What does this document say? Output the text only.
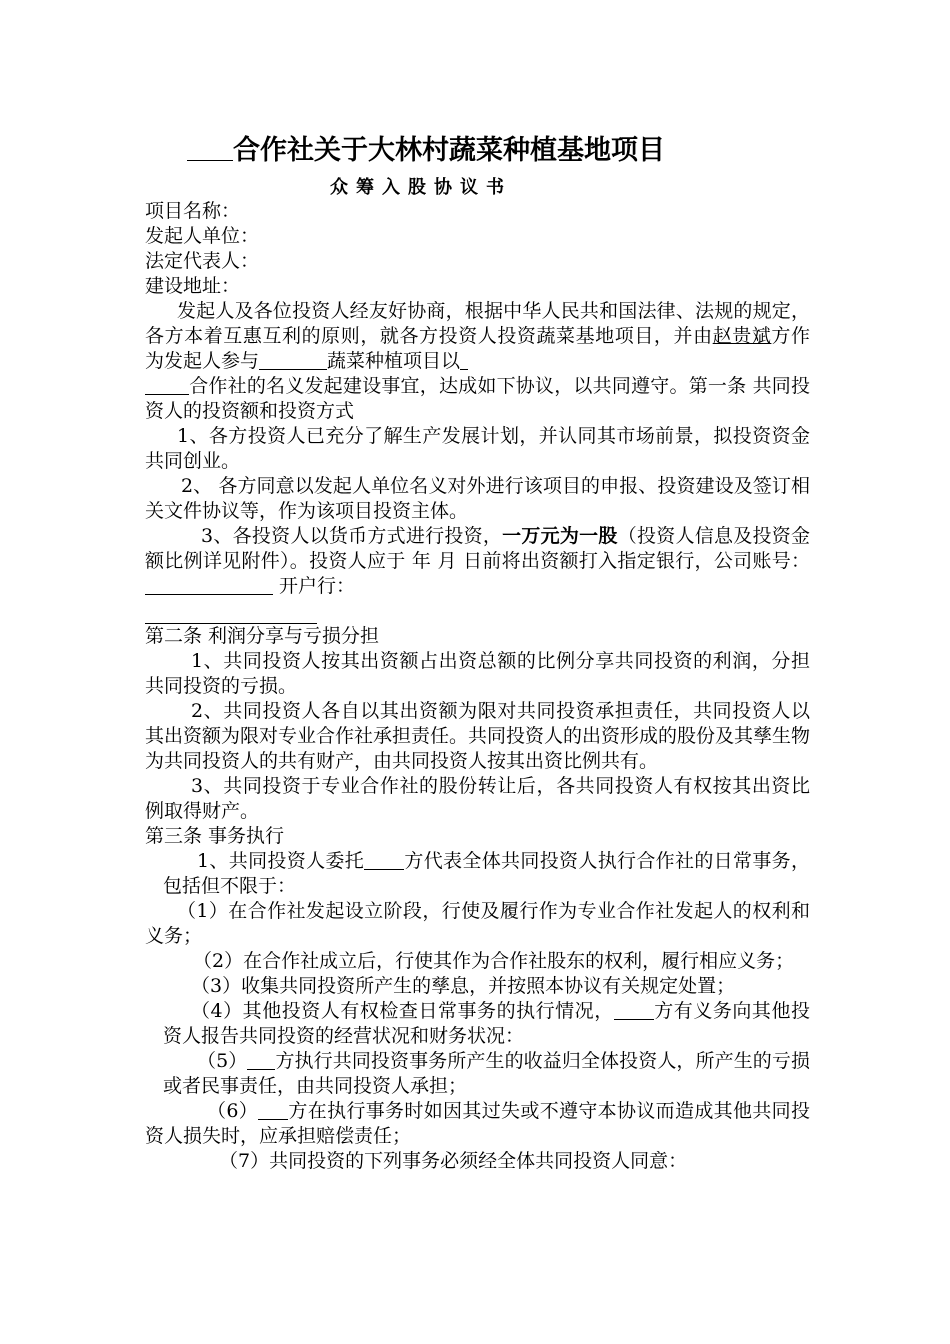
合作社关于大林村蔬菜种植基地项目
众筹入股协议书

项目名称：

发起人单位：

法定代表人：

建设地址：

发起人及各位投资人经友好协商，根据中华人民共和国法律、法规的规定，各方本着互惠互利的原则，就各方投资人投资蔬菜基地项目，并由赵贵斌方作为发起人参与	蔬菜种植项目以
合作社的名义发起建设事宜，达成如下协议，以共同遵守。第一条 共同投资人的投资额和投资方式

1、各方投资人已充分了解生产发展计划，并认同其市场前景，拟投资资金共同创业。

2、 各方同意以发起人单位名义对外进行该项目的申报、投资建设及签订相关文件协议等，作为该项目投资主体。

3、各投资人以货币方式进行投资，一万元为一股（投资人信息及投资金额比例详见附件）。投资人应于 年 月 日前将出资额打入指定银行，公司账号： 开户行：

第二条 利润分享与亏损分担

1、共同投资人按其出资额占出资总额的比例分享共同投资的利润，分担共同投资的亏损。

2、共同投资人各自以其出资额为限对共同投资承担责任，共同投资人以其出资额为限对专业合作社承担责任。共同投资人的出资形成的股份及其孳生物为共同投资人的共有财产，由共同投资人按其出资比例共有。

3、共同投资于专业合作社的股份转让后，各共同投资人有权按其出资比例取得财产。

第三条 事务执行

1、共同投资人委托 方代表全体共同投资人执行合作社的日常事务，包括但不限于：

（1）在合作社发起设立阶段，行使及履行作为专业合作社发起人的权利和义务；

（2）在合作社成立后，行使其作为合作社股东的权利，履行相应义务；

（3）收集共同投资所产生的孳息，并按照本协议有关规定处置；

（4）其他投资人有权检查日常事务的执行情况， 方有义务向其他投资人报告共同投资的经营状况和财务状况：

（5） 方执行共同投资事务所产生的收益归全体投资人，所产生的亏损或者民事责任，由共同投资人承担；

（6） 方在执行事务时如因其过失或不遵守本协议而造成其他共同投资人损失时，应承担赔偿责任；

（7）共同投资的下列事务必须经全体共同投资人同意：
